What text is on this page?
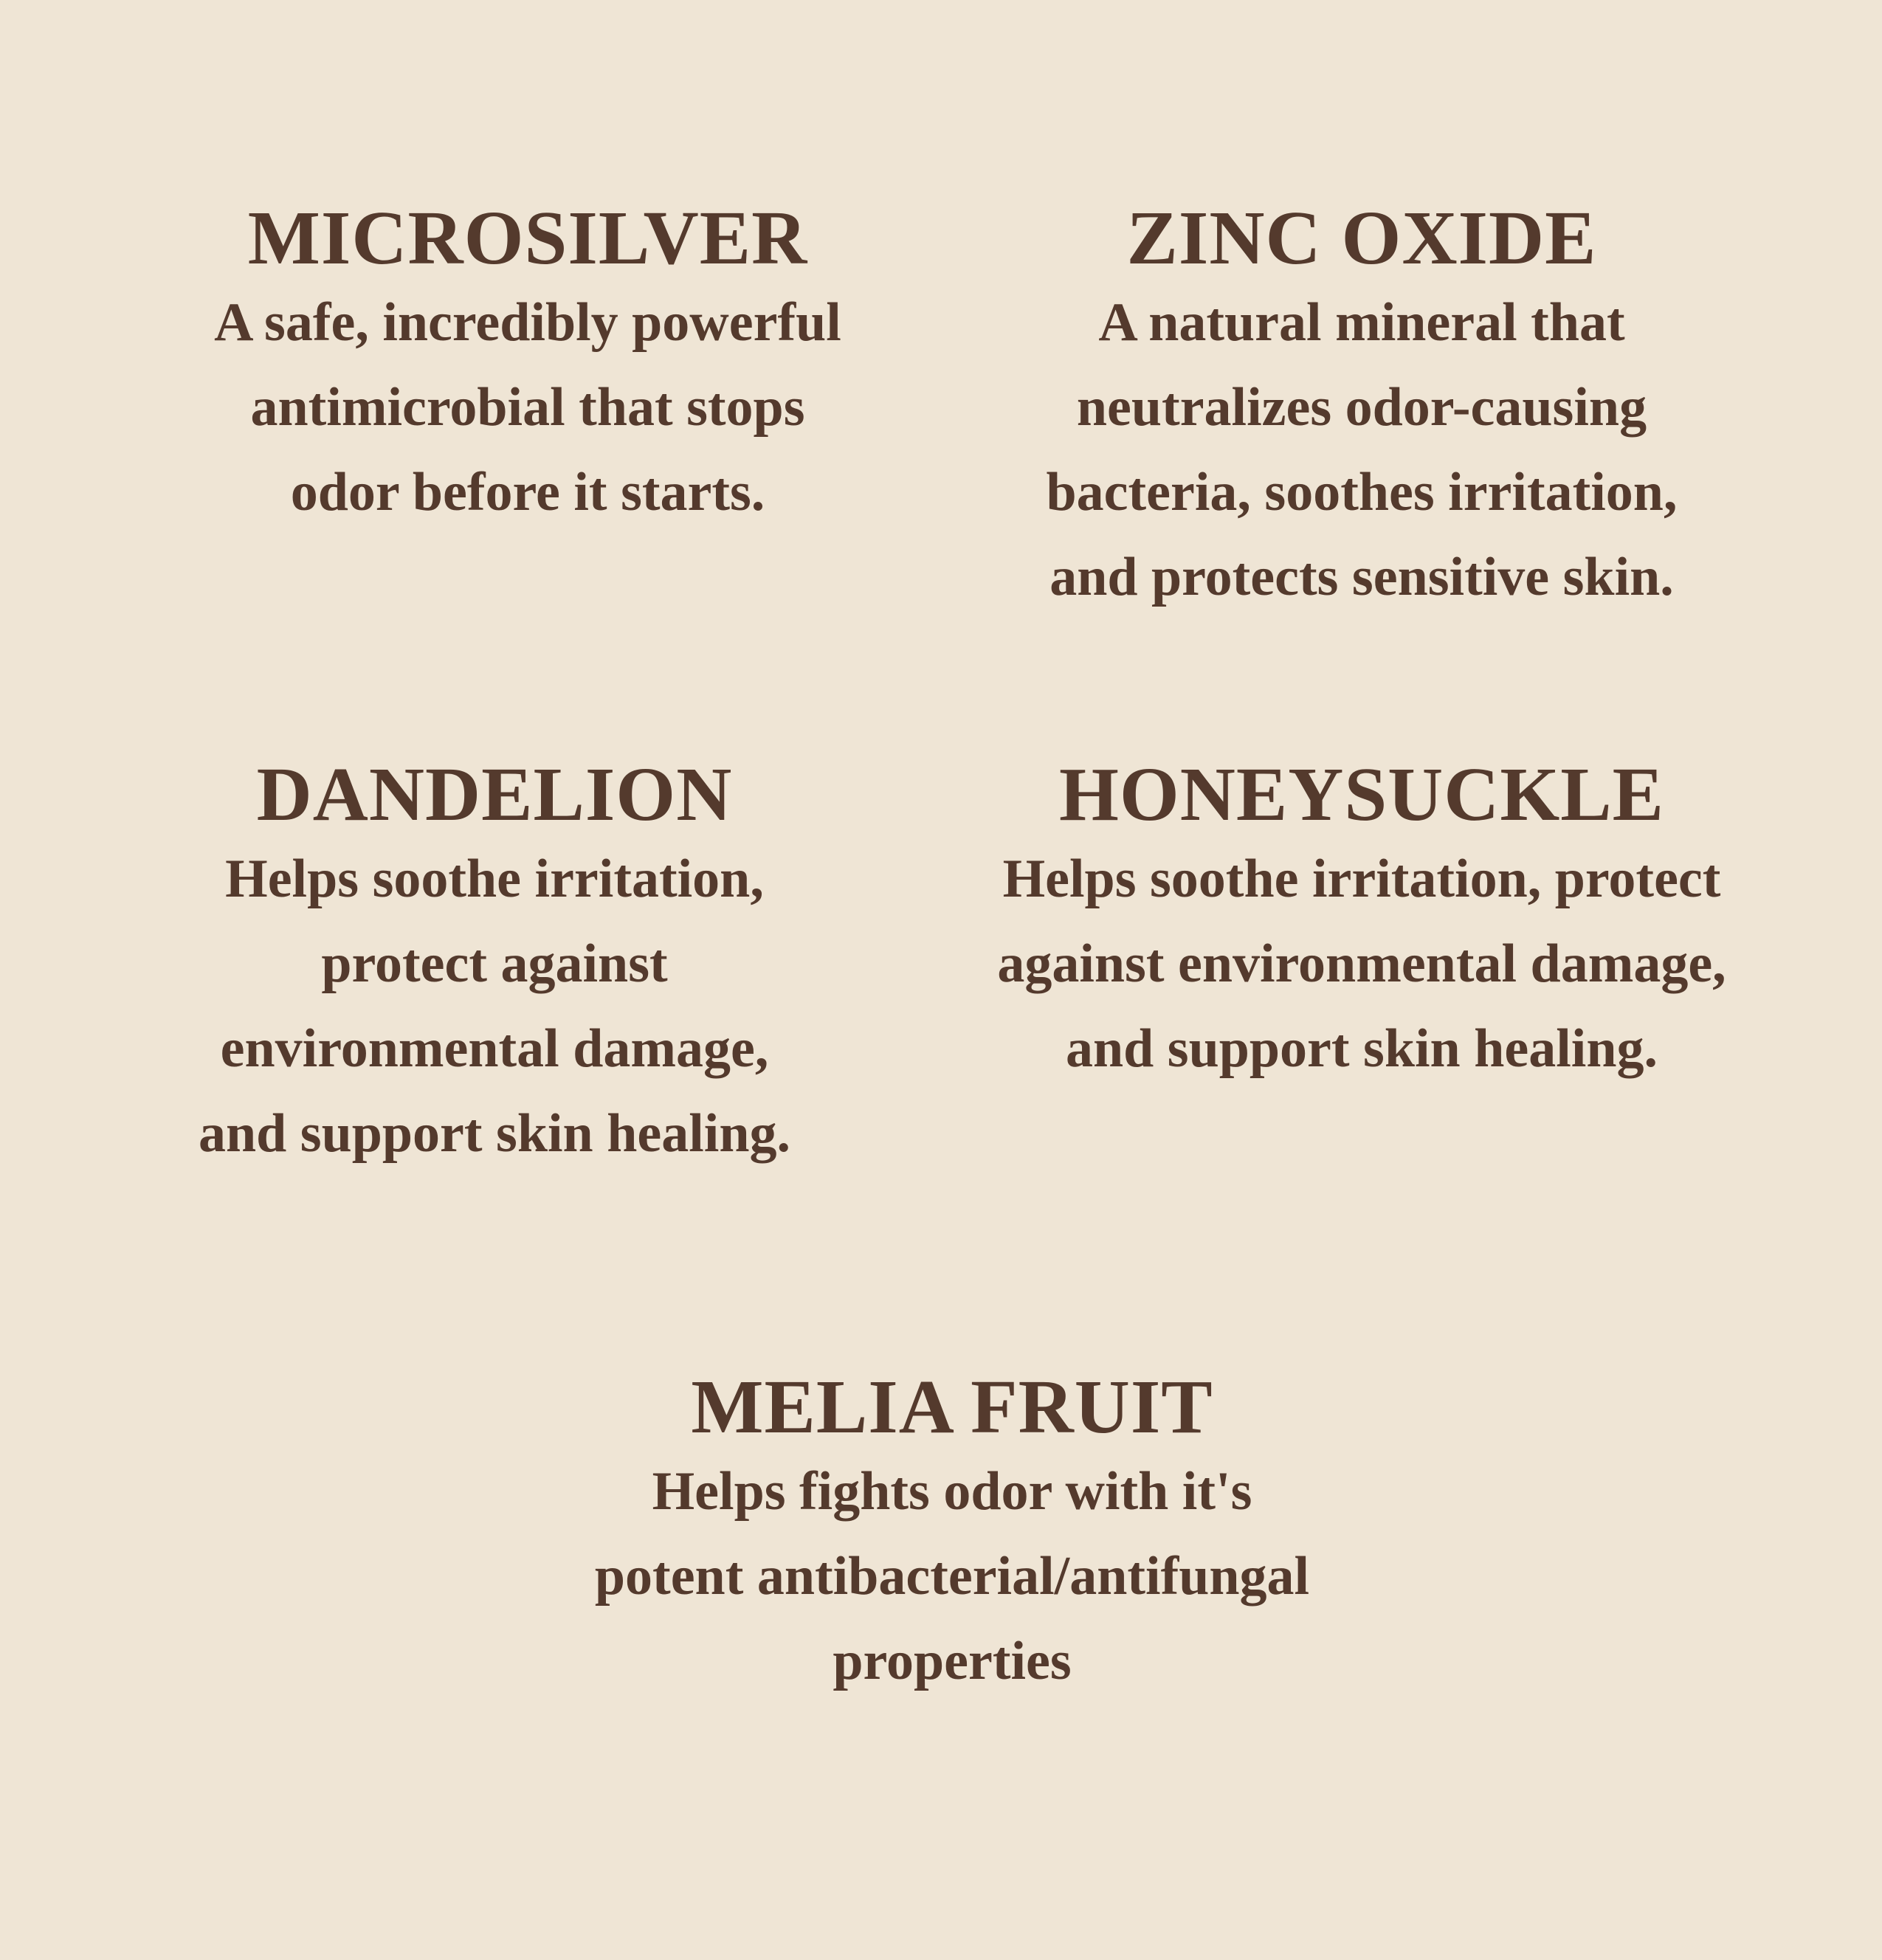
MICROSILVER

A safe, incredibly powerful
antimicrobial that stops
odor before it starts.

ZINC OXIDE

A natural mineral that
neutralizes odor-causing
bacteria, soothes irritation,
and protects sensitive skin.

DANDELION

Helps soothe irritation,
protect against
environmental damage,
and support skin healing.

HONEYSUCKLE

Helps soothe irritation, protect
against environmental damage,
and support skin healing.

MELIA FRUIT

Helps fights odor with it's
potent antibacterial/antifungal
properties
